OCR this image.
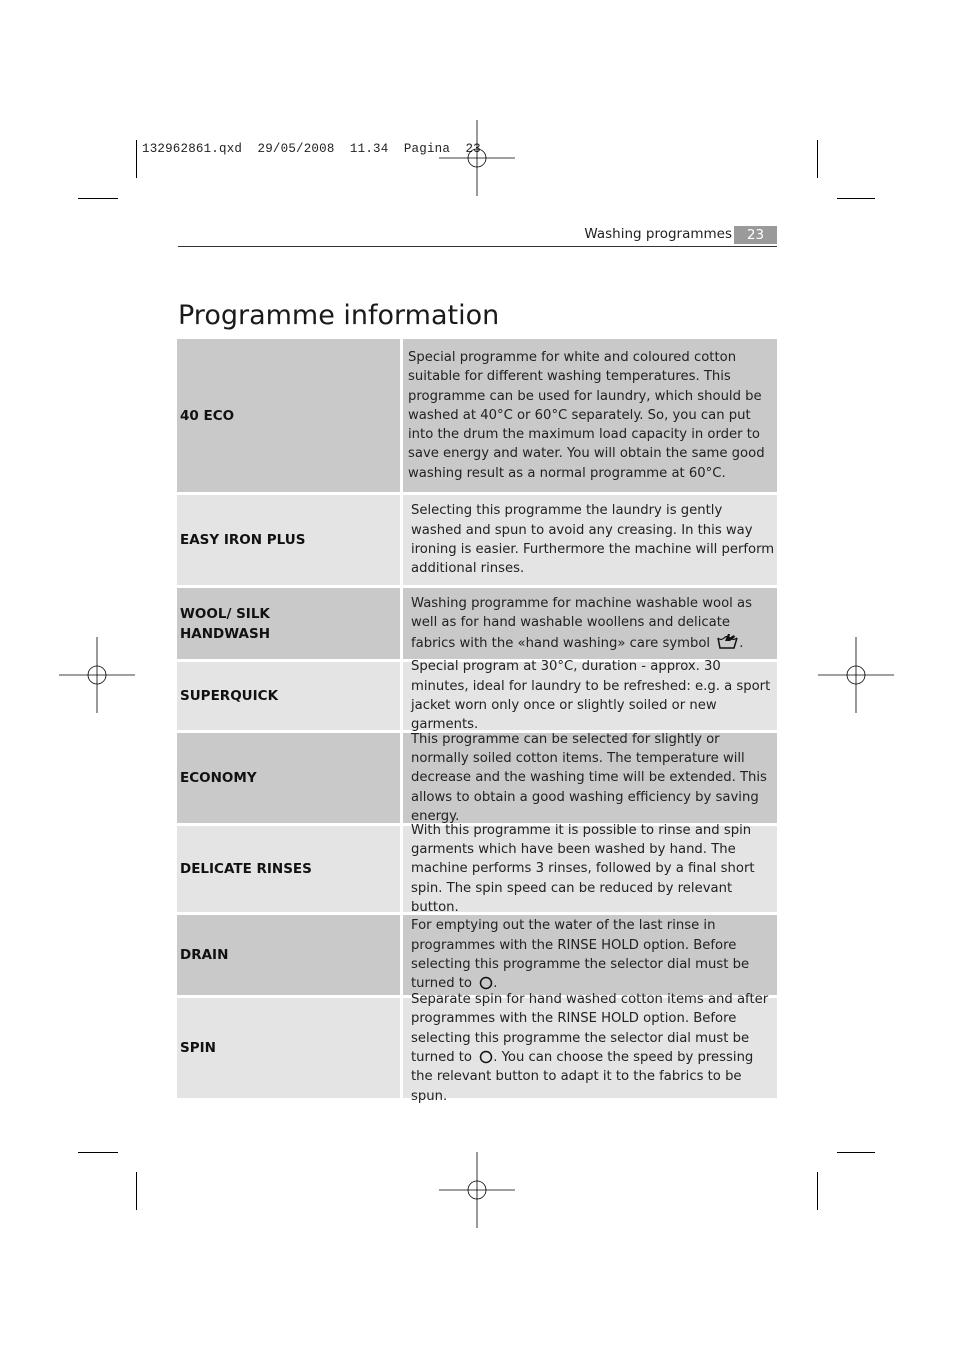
132962861.qxd  29/05/2008  11.34  Pagina  23
Washing programmes	23
Programme information
40 ECO
Special programme for white and coloured cotton suitable for different washing temperatures. This programme can be used for laundry, which should be washed at 40°C or 60°C separately. So, you can put into the drum the maximum load capacity in order to save energy and water. You will obtain the same good washing result as a normal programme at 60°C.
EASY IRON PLUS
Selecting this programme the laundry is gently washed and spun to avoid any creasing. In this way ironing is easier. Furthermore the machine will perform additional rinses.
WOOL/ SILK HANDWASH
Washing programme for machine washable wool as well as for hand washable woollens and delicate fabrics with the «hand washing» care symbol .
SUPERQUICK
Special program at 30°C, duration - approx. 30 minutes, ideal for laundry to be refreshed: e.g. a sport jacket worn only once or slightly soiled or new garments.
ECONOMY
This programme can be selected for slightly or normally soiled cotton items. The temperature will decrease and the washing time will be extended. This allows to obtain a good washing efficiency by saving energy.
DELICATE RINSES
With this programme it is possible to rinse and spin garments which have been washed by hand. The machine performs 3 rinses, followed by a final short spin. The spin speed can be reduced by relevant button.
DRAIN
For emptying out the water of the last rinse in programmes with the RINSE HOLD option. Before selecting this programme the selector dial must be turned to .
SPIN
Separate spin for hand washed cotton items and after programmes with the RINSE HOLD option. Before selecting this programme the selector dial must be turned to . You can choose the speed by pressing the relevant button to adapt it to the fabrics to be spun.
